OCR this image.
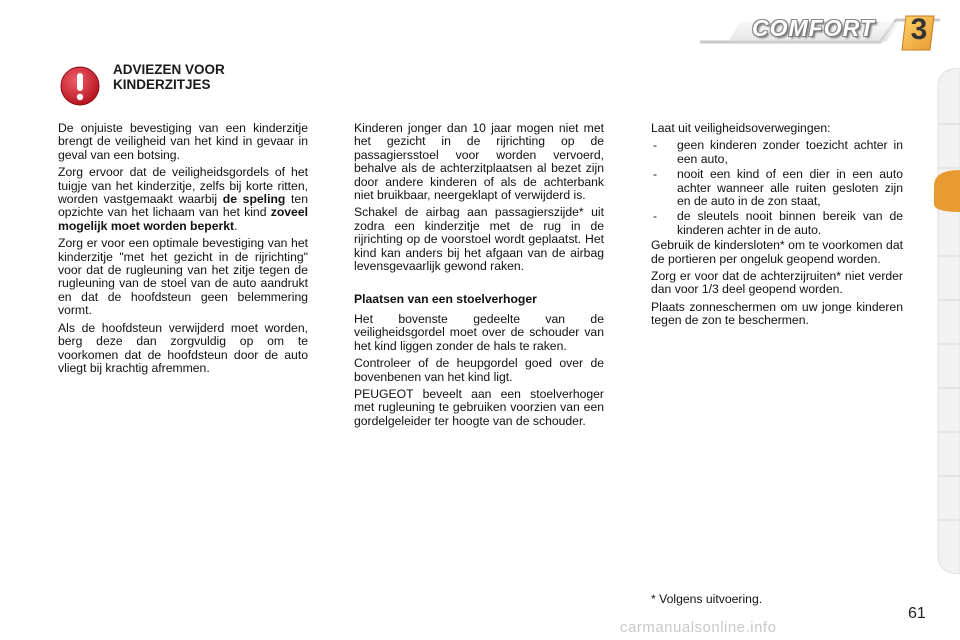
COMFORT 3
ADVIEZEN VOOR KINDERZITJES

De onjuiste bevestiging van een kinderzitje brengt de veiligheid van het kind in gevaar in geval van een botsing.

Zorg ervoor dat de veiligheidsgordels of het tuigje van het kinderzitje, zelfs bij korte ritten, worden vastgemaakt waarbij de speling ten opzichte van het lichaam van het kind zoveel mogelijk moet worden beperkt.

Zorg er voor een optimale bevestiging van het kinderzitje "met het gezicht in de rijrichting" voor dat de rugleuning van het zitje tegen de rugleuning van de stoel van de auto aandrukt en dat de hoofdsteun geen belemmering vormt.

Als de hoofdsteun verwijderd moet worden, berg deze dan zorgvuldig op om te voorkomen dat de hoofdsteun door de auto vliegt bij krachtig afremmen.

Kinderen jonger dan 10 jaar mogen niet met het gezicht in de rijrichting op de passagiersstoel voor worden vervoerd, behalve als de achterzitplaatsen al bezet zijn door andere kinderen of als de achterbank niet bruikbaar, neergeklapt of verwijderd is.

Schakel de airbag aan passagierszijde* uit zodra een kinderzitje met de rug in de rijrichting op de voorstoel wordt geplaatst. Het kind kan anders bij het afgaan van de airbag levensgevaarlijk gewond raken.

Plaatsen van een stoelverhoger

Het bovenste gedeelte van de veiligheidsgordel moet over de schouder van het kind liggen zonder de hals te raken.

Controleer of de heupgordel goed over de bovenbenen van het kind ligt.

PEUGEOT beveelt aan een stoelverhoger met rugleuning te gebruiken voorzien van een gordelgeleider ter hoogte van de schouder.

Laat uit veiligheidsoverwegingen:

- geen kinderen zonder toezicht achter in een auto,
- nooit een kind of een dier in een auto achter wanneer alle ruiten gesloten zijn en de auto in de zon staat,
- de sleutels nooit binnen bereik van de kinderen achter in de auto.

Gebruik de kindersloten* om te voorkomen dat de portieren per ongeluk geopend worden.

Zorg er voor dat de achterzijruiten* niet verder dan voor 1/3 deel geopend worden.

Plaats zonneschermen om uw jonge kinderen tegen de zon te beschermen.

* Volgens uitvoering.
61
carmanualsonline.info
